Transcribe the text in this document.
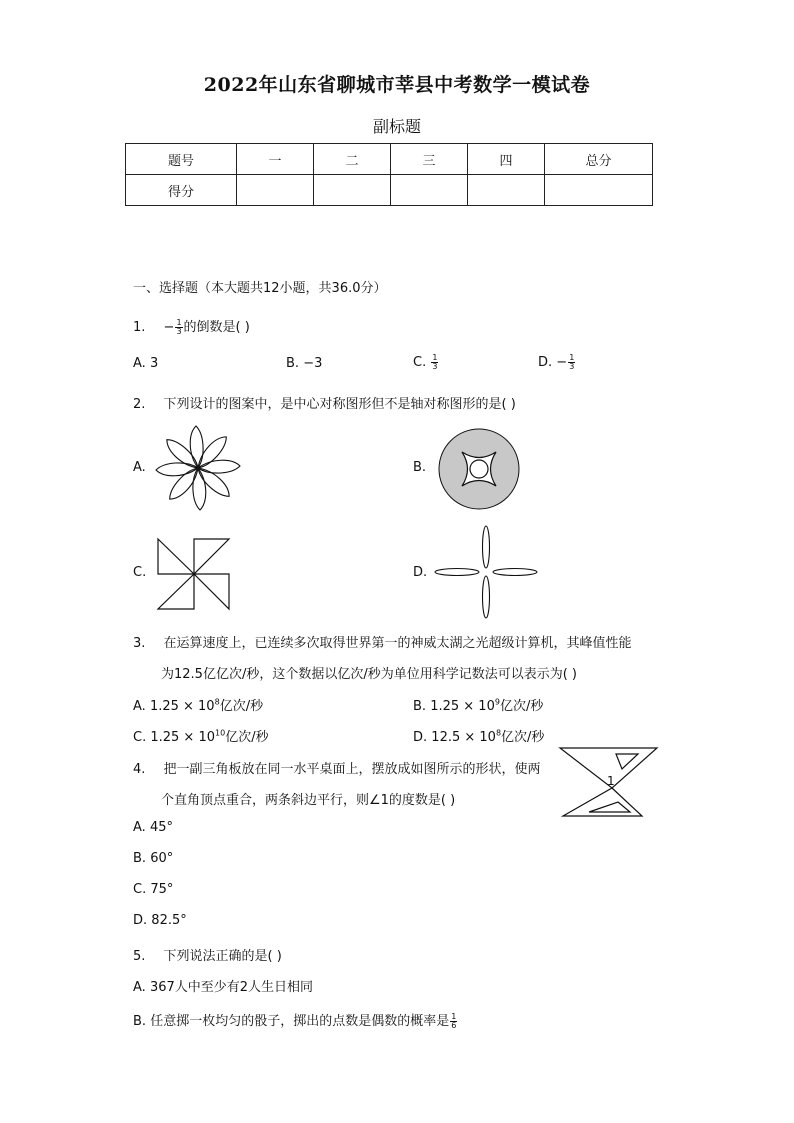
2022年山东省聊城市莘县中考数学一模试卷
副标题
题号	一	二	三	四	总分
得分					
一、选择题（本大题共12小题，共36.0分）
1. − $\frac{1}{3}$ 的倒数是( )
A. 3	B. −3	C. $\frac{1}{3}$	D. − $\frac{1}{3}$
2. 下列设计的图案中，是中心对称图形但不是轴对称图形的是( )
A.	B.
C.	D.
3. 在运算速度上，已连续多次取得世界第一的神威太湖之光超级计算机，其峰值性能
为12.5亿亿次/秒，这个数据以亿次/秒为单位用科学记数法可以表示为( )
A. $1.25 \times 10^8$亿次/秒	B. $1.25 \times 10^9$亿次/秒
C. $1.25 \times 10^{10}$亿次/秒	D. $12.5 \times 10^8$亿次/秒
4. 把一副三角板放在同一水平桌面上，摆放成如图所示的形状，使两
个直角顶点重合，两条斜边平行，则∠1的度数是( )
1
A. 45°
B. 60°
C. 75°
D. 82.5°
5. 下列说法正确的是( )
A. 367人中至少有2人生日相同
B. 任意掷一枚均匀的骰子，掷出的点数是偶数的概率是 $\frac{1}{6}$
